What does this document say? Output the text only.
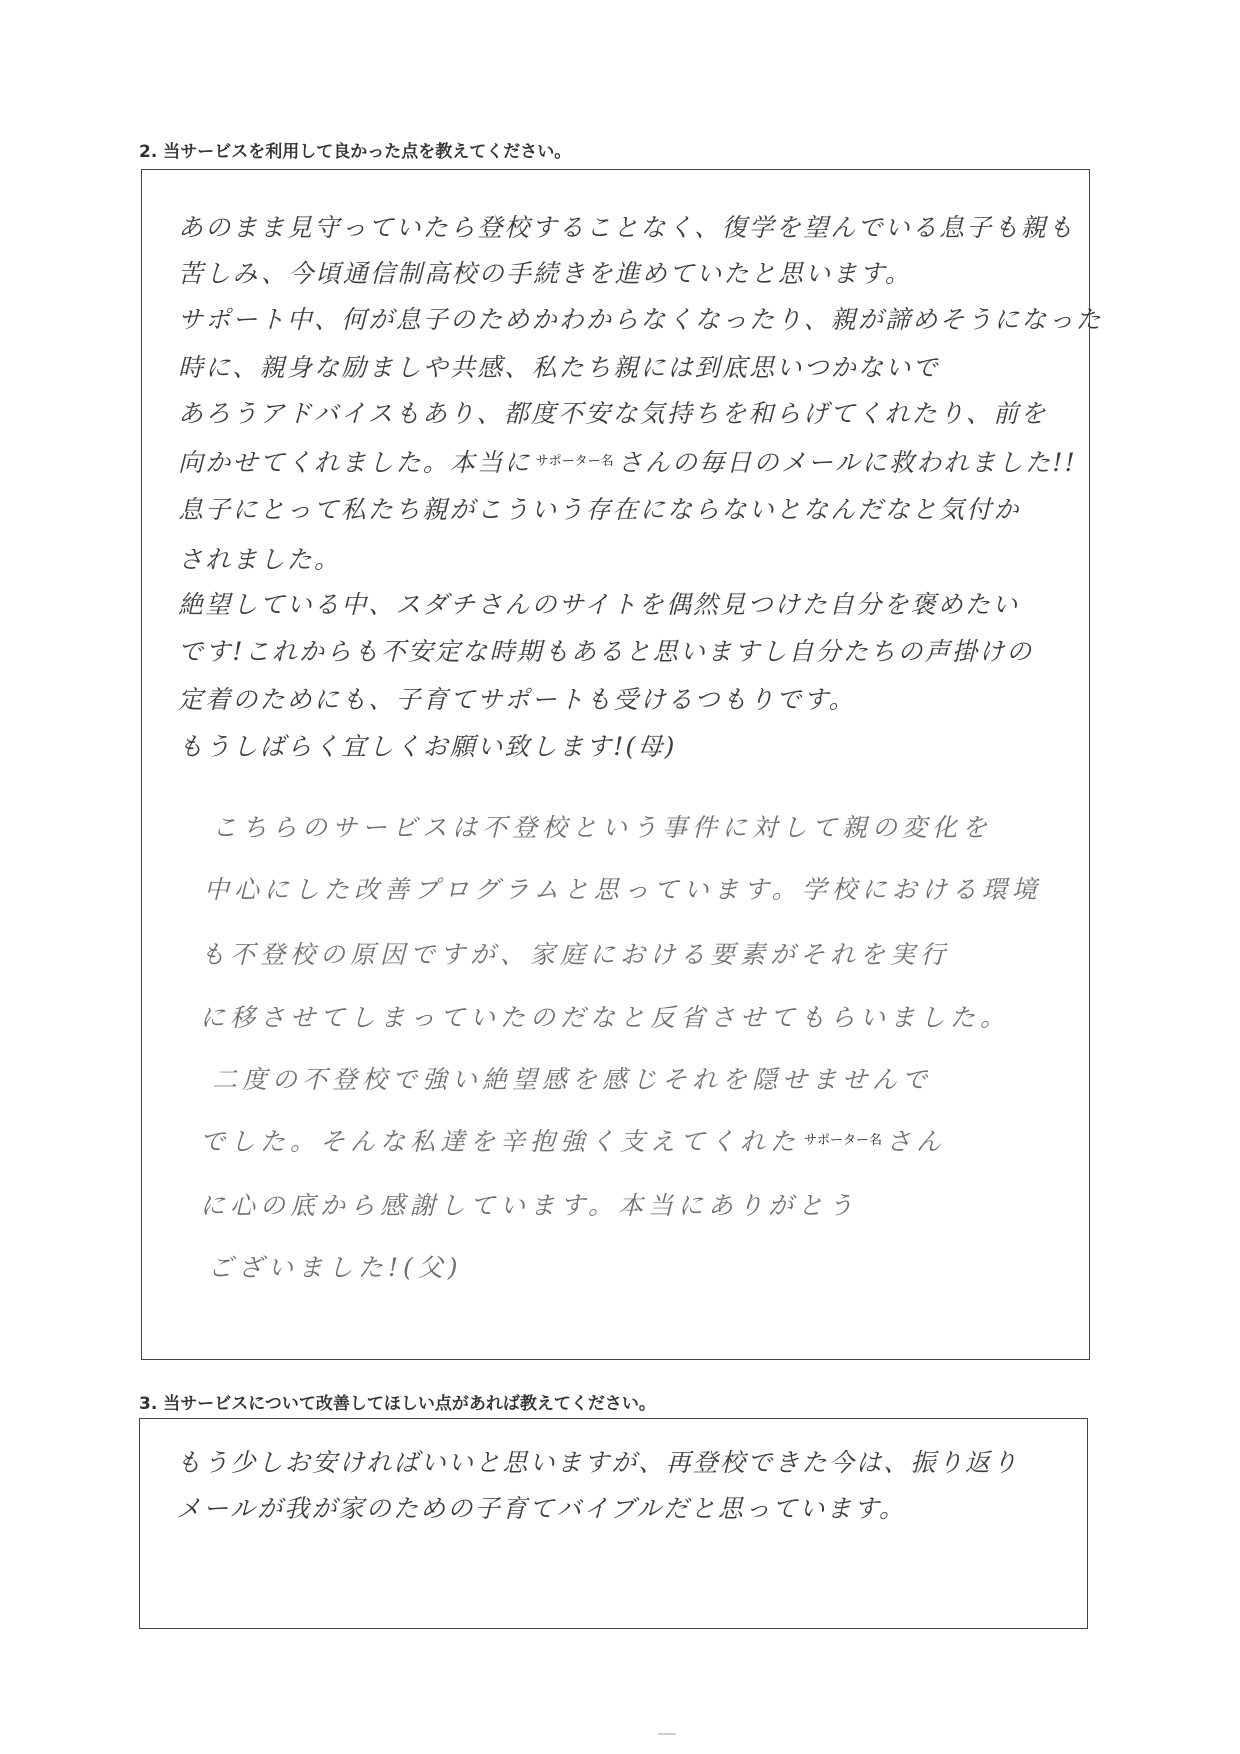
2. 当サービスを利用して良かった点を教えてください。
あのまま見守っていたら登校することなく、復学を望んでいる息子も親も
苦しみ、今頃通信制高校の手続きを進めていたと思います。
サポート中、何が息子のためかわからなくなったり、親が諦めそうになった
時に、親身な励ましや共感、私たち親には到底思いつかないで
あろうアドバイスもあり、都度不安な気持ちを和らげてくれたり、前を
向かせてくれました。本当に $^{サポーター名}$ さんの毎日のメールに救われました!!
息子にとって私たち親がこういう存在にならないとなんだなと気付か
されました。
絶望している中、スダチさんのサイトを偶然見つけた自分を褒めたい
です!これからも不安定な時期もあると思いますし自分たちの声掛けの
定着のためにも、子育てサポートも受けるつもりです。
もうしばらく宜しくお願い致します!(母)
こちらのサービスは不登校という事件に対して親の変化を
中心にした改善プログラムと思っています。学校における環境
も不登校の原因ですが、家庭における要素がそれを実行
に移させてしまっていたのだなと反省させてもらいました。
二度の不登校で強い絶望感を感じそれを隠せませんで
でした。そんな私達を辛抱強く支えてくれた $^{サポーター名}$ さん
に心の底から感謝しています。本当にありがとう
ございました!(父)
3. 当サービスについて改善してほしい点があれば教えてください。
もう少しお安ければいいと思いますが、再登校できた今は、振り返り
メールが我が家のための子育てバイブルだと思っています。
